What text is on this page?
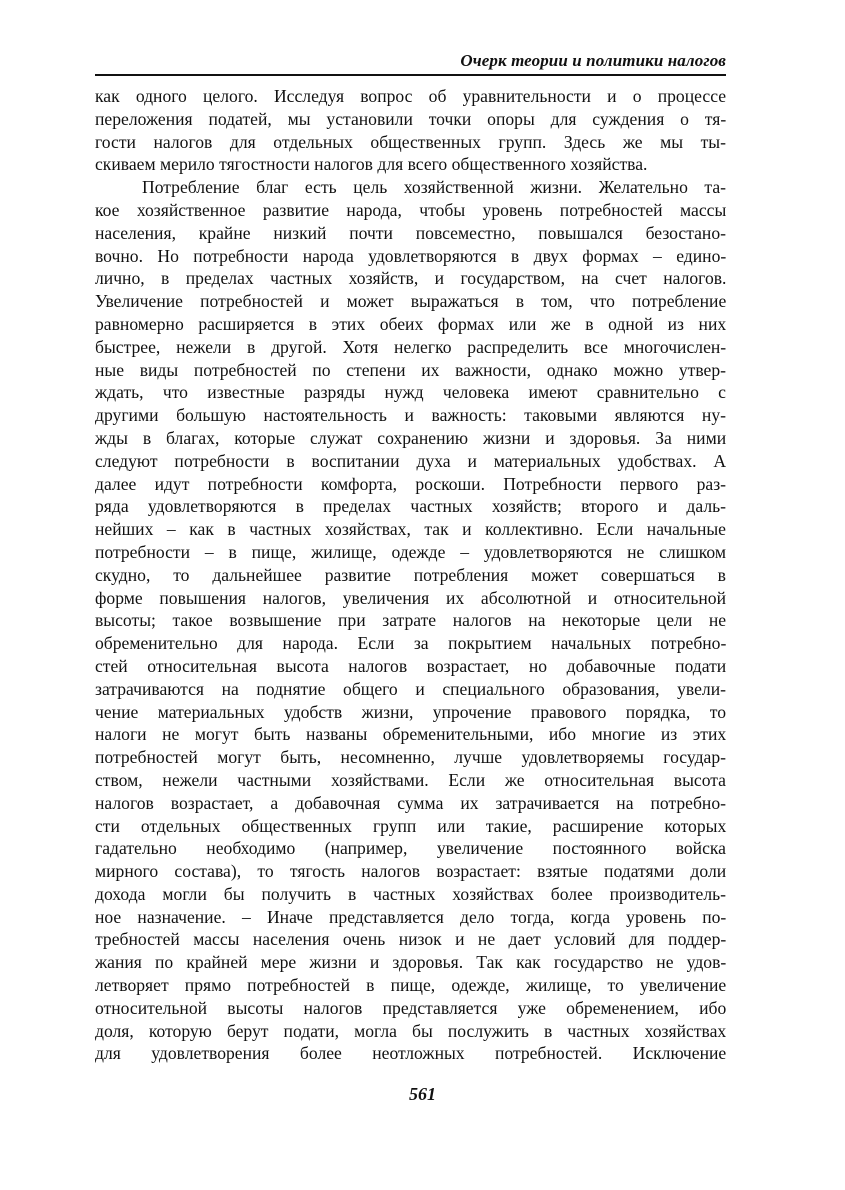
Очерк теории и политики налогов
как одного целого. Исследуя вопрос об уравнительности и о процессе
переложения податей, мы установили точки опоры для суждения о тя-
гости налогов для отдельных общественных групп. Здесь же мы ты-
скиваем мерило тягостности налогов для всего общественного хозяйства.
Потребление благ есть цель хозяйственной жизни. Желательно та-
кое хозяйственное развитие народа, чтобы уровень потребностей массы
населения, крайне низкий почти повсеместно, повышался безостано-
вочно. Но потребности народа удовлетворяются в двух формах – едино-
лично, в пределах частных хозяйств, и государством, на счет налогов.
Увеличение потребностей и может выражаться в том, что потребление
равномерно расширяется в этих обеих формах или же в одной из них
быстрее, нежели в другой. Хотя нелегко распределить все многочислен-
ные виды потребностей по степени их важности, однако можно утвер-
ждать, что известные разряды нужд человека имеют сравнительно с
другими большую настоятельность и важность: таковыми являются ну-
жды в благах, которые служат сохранению жизни и здоровья. За ними
следуют потребности в воспитании духа и материальных удобствах. А
далее идут потребности комфорта, роскоши. Потребности первого раз-
ряда удовлетворяются в пределах частных хозяйств; второго и даль-
нейших – как в частных хозяйствах, так и коллективно. Если начальные
потребности – в пище, жилище, одежде – удовлетворяются не слишком
скудно, то дальнейшее развитие потребления может совершаться в
форме повышения налогов, увеличения их абсолютной и относительной
высоты; такое возвышение при затрате налогов на некоторые цели не
обременительно для народа. Если за покрытием начальных потребно-
стей относительная высота налогов возрастает, но добавочные подати
затрачиваются на поднятие общего и специального образования, увели-
чение материальных удобств жизни, упрочение правового порядка, то
налоги не могут быть названы обременительными, ибо многие из этих
потребностей могут быть, несомненно, лучше удовлетворяемы государ-
ством, нежели частными хозяйствами. Если же относительная высота
налогов возрастает, а добавочная сумма их затрачивается на потребно-
сти отдельных общественных групп или такие, расширение которых
гадательно необходимо (например, увеличение постоянного войска
мирного состава), то тягость налогов возрастает: взятые податями доли
дохода могли бы получить в частных хозяйствах более производитель-
ное назначение. – Иначе представляется дело тогда, когда уровень по-
требностей массы населения очень низок и не дает условий для поддер-
жания по крайней мере жизни и здоровья. Так как государство не удов-
летворяет прямо потребностей в пище, одежде, жилище, то увеличение
относительной высоты налогов представляется уже обременением, ибо
доля, которую берут подати, могла бы послужить в частных хозяйствах
для удовлетворения более неотложных потребностей. Исключение
561
